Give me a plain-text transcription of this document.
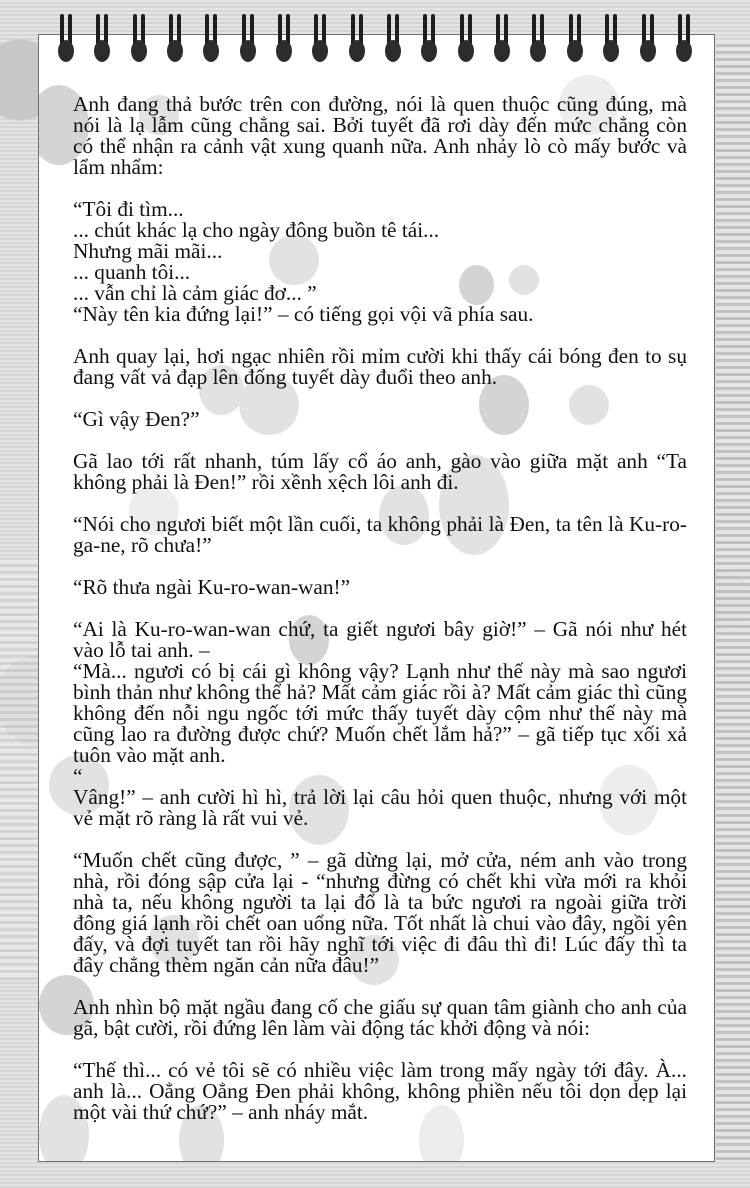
Anh đang thả bước trên con đường, nói là quen thuộc cũng đúng, mà nói là lạ lẫm cũng chẳng sai. Bởi tuyết đã rơi dày đến mức chẳng còn có thể nhận ra cảnh vật xung quanh nữa. Anh nhảy lò cò mấy bước và lẩm nhẩm:

“Tôi đi tìm...
... chút khác lạ cho ngày đông buồn tê tái...
Nhưng mãi mãi...
... quanh tôi...
... vẫn chỉ là cảm giác đơ... ”
“Này tên kia đứng lại!” – có tiếng gọi vội vã phía sau.

Anh quay lại, hơi ngạc nhiên rồi mỉm cười khi thấy cái bóng đen to sụ đang vất vả đạp lên đống tuyết dày đuổi theo anh.

“Gì vậy Đen?”

Gã lao tới rất nhanh, túm lấy cổ áo anh, gào vào giữa mặt anh “Ta không phải là Đen!” rồi xềnh xệch lôi anh đi.

“Nói cho ngươi biết một lần cuối, ta không phải là Đen, ta tên là Ku-ro-ga-ne, rõ chưa!”

“Rõ thưa ngài Ku-ro-wan-wan!”

“Ai là Ku-ro-wan-wan chứ, ta giết ngươi bây giờ!” – Gã nói như hét vào lỗ tai anh. –
“Mà... ngươi có bị cái gì không vậy? Lạnh như thế này mà sao ngươi bình thản như không thể hả? Mất cảm giác rồi à? Mất cảm giác thì cũng không đến nỗi ngu ngốc tới mức thấy tuyết dày cộm như thế này mà cũng lao ra đường được chứ? Muốn chết lắm hả?” – gã tiếp tục xối xả tuôn vào mặt anh.
“
Vâng!” – anh cười hì hì, trả lời lại câu hỏi quen thuộc, nhưng với một vẻ mặt rõ ràng là rất vui vẻ.

“Muốn chết cũng được, ” – gã dừng lại, mở cửa, ném anh vào trong nhà, rồi đóng sập cửa lại - “nhưng đừng có chết khi vừa mới ra khỏi nhà ta, nếu không người ta lại đổ là ta bức ngươi ra ngoài giữa trời đông giá lạnh rồi chết oan uổng nữa. Tốt nhất là chui vào đây, ngồi yên đấy, và đợi tuyết tan rồi hãy nghĩ tới việc đi đâu thì đi! Lúc đấy thì ta đây chẳng thèm ngăn cản nữa đâu!”

Anh nhìn bộ mặt ngầu đang cố che giấu sự quan tâm giành cho anh của gã, bật cười, rồi đứng lên làm vài động tác khởi động và nói:

“Thế thì... có vẻ tôi sẽ có nhiều việc làm trong mấy ngày tới đây. À... anh là... Oẳng Oẳng Đen phải không, không phiền nếu tôi dọn dẹp lại một vài thứ chứ?” – anh nháy mắt.
